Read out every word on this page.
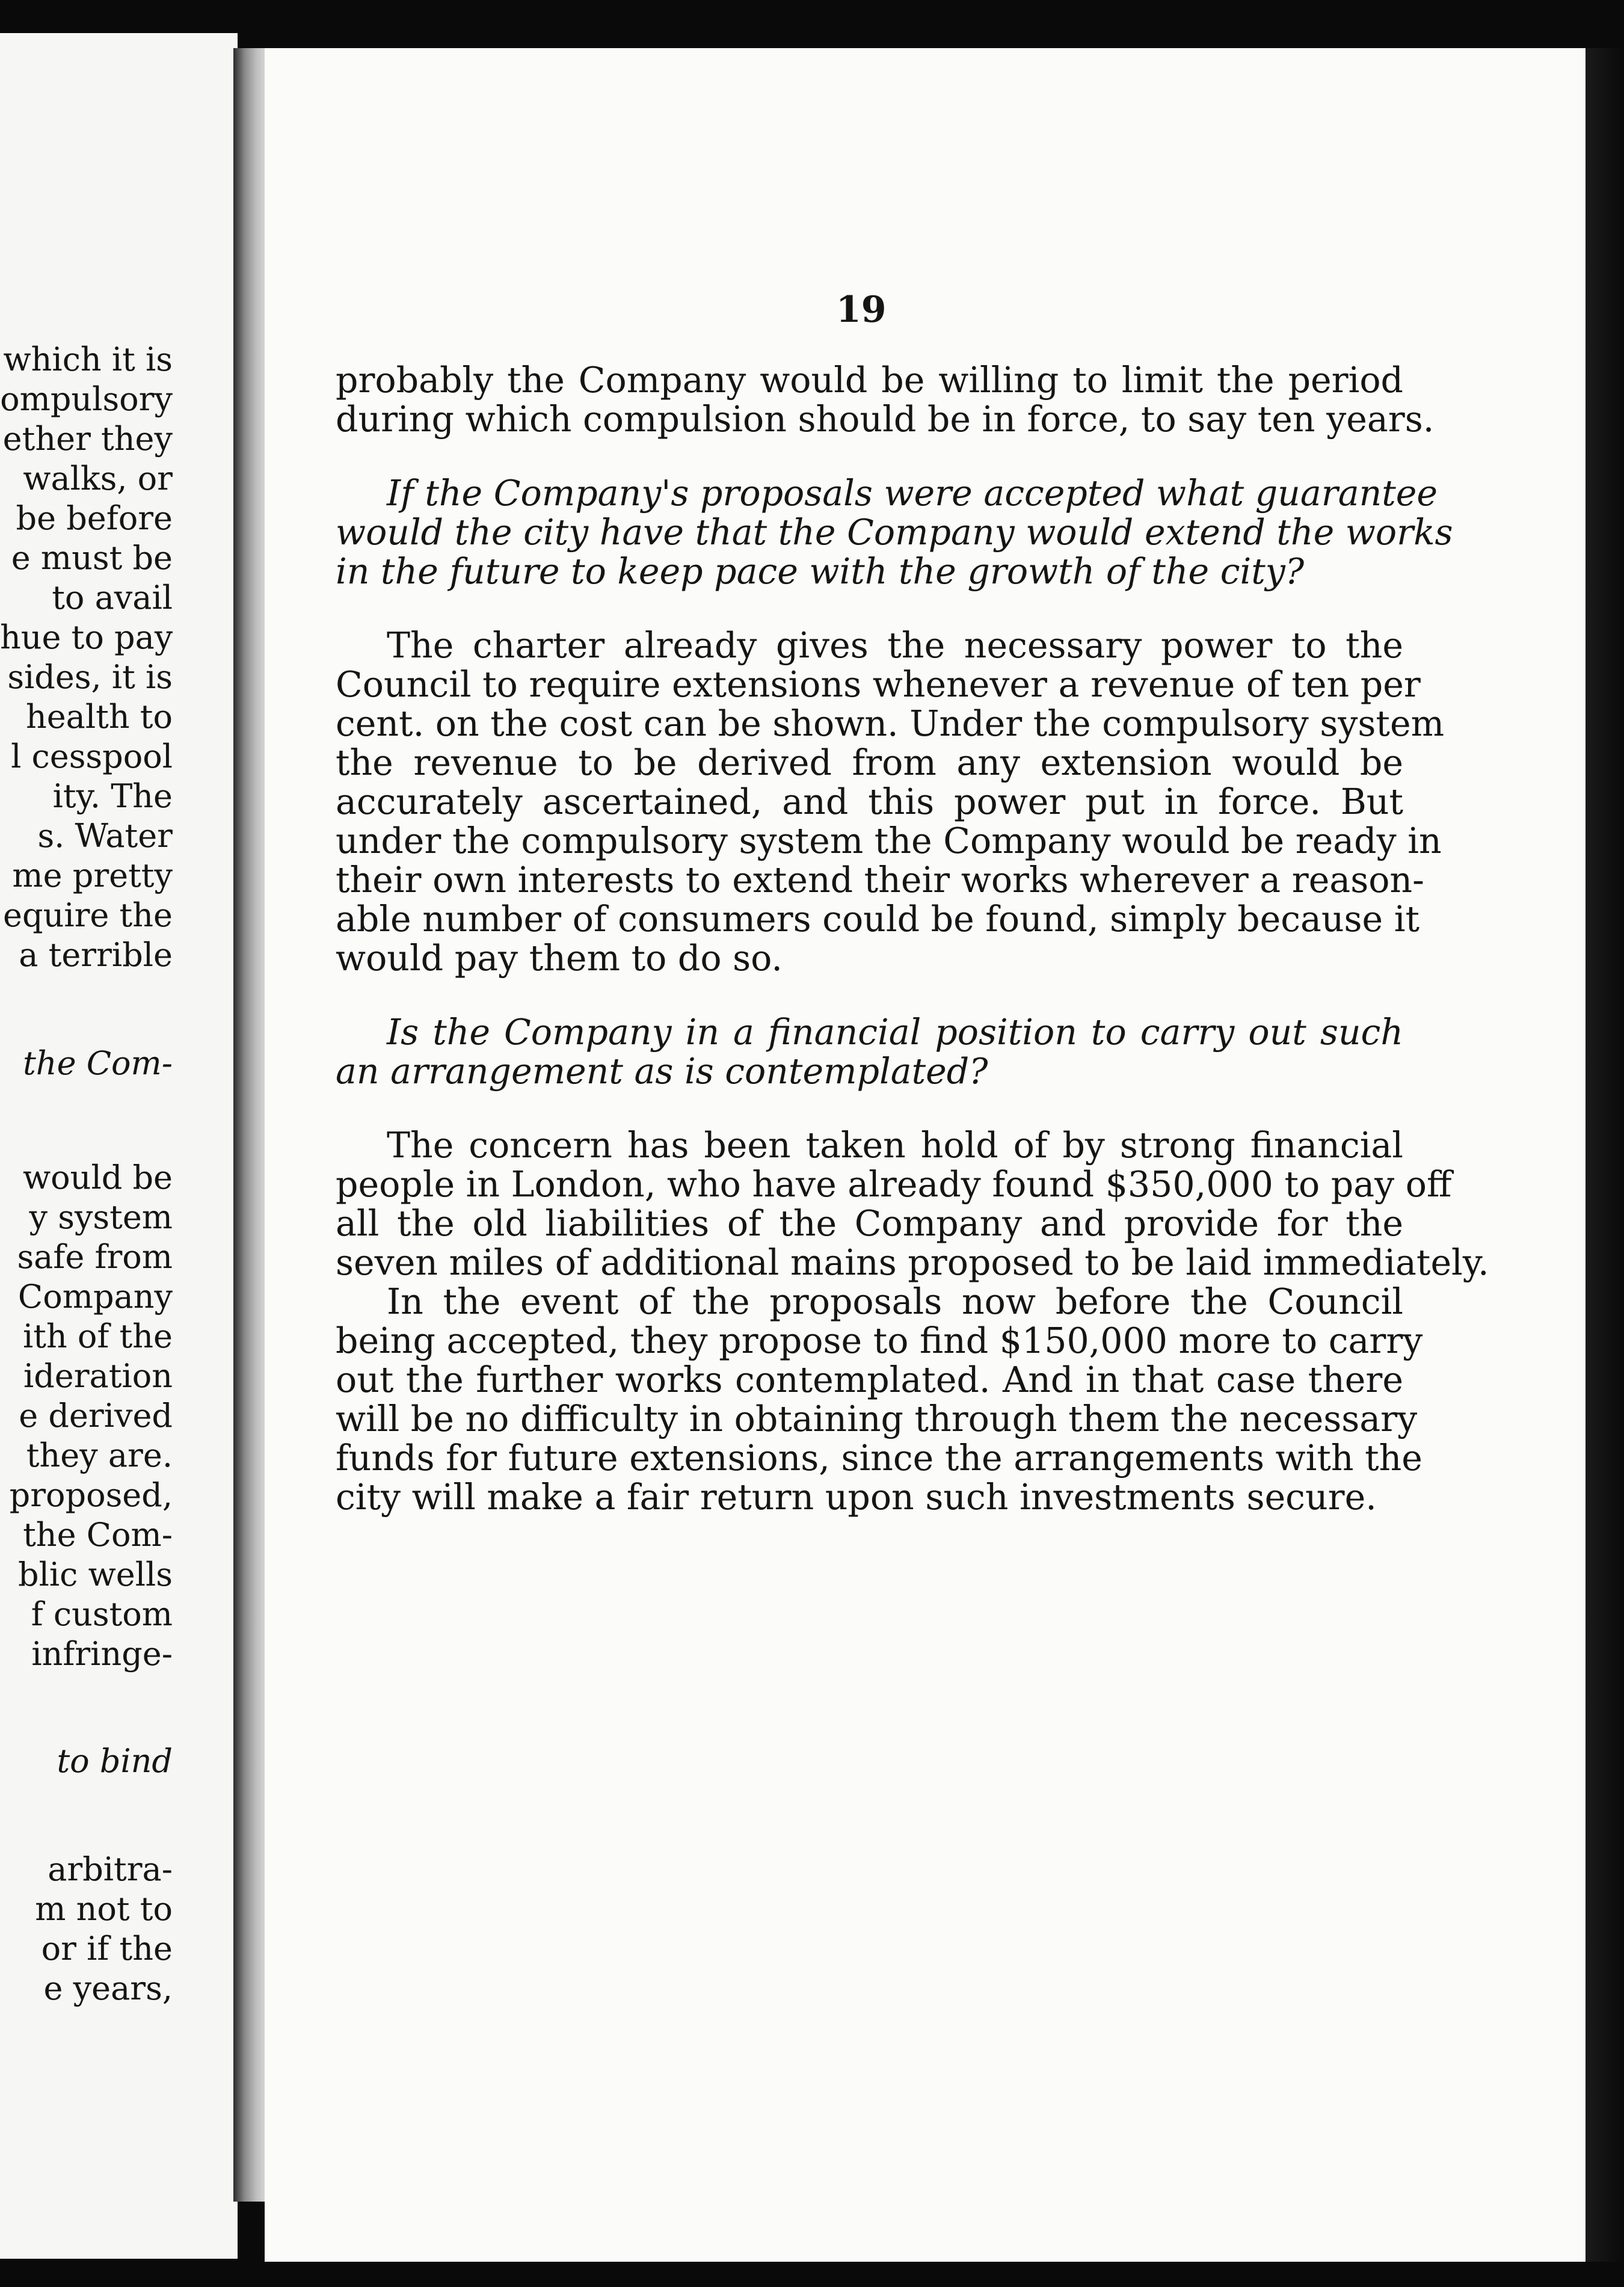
which it is
ompulsory
ether they
walks, or
be before
e must be
to avail
hue to pay
sides, it is
health to
l cesspool
ity. The
s. Water
me pretty
equire the
a terrible
the Com-
would be
y system
safe from
Company
ith of the
ideration
e derived
they are.
proposed,
the Com-
blic wells
f custom
infringe-
to bind
arbitra-
m not to
or if the
e years,
19
probably the Company would be willing to limit the period
during which compulsion should be in force, to say ten years.
If the Company's proposals were accepted what guarantee
would the city have that the Company would extend the works
in the future to keep pace with the growth of the city?
The charter already gives the necessary power to the
Council to require extensions whenever a revenue of ten per
cent. on the cost can be shown. Under the compulsory system
the revenue to be derived from any extension would be
accurately ascertained, and this power put in force. But
under the compulsory system the Company would be ready in
their own interests to extend their works wherever a reason-
able number of consumers could be found, simply because it
would pay them to do so.
Is the Company in a financial position to carry out such
an arrangement as is contemplated?
The concern has been taken hold of by strong financial
people in London, who have already found $350,000 to pay off
all the old liabilities of the Company and provide for the
seven miles of additional mains proposed to be laid immediately.
In the event of the proposals now before the Council
being accepted, they propose to find $150,000 more to carry
out the further works contemplated. And in that case there
will be no difficulty in obtaining through them the necessary
funds for future extensions, since the arrangements with the
city will make a fair return upon such investments secure.
